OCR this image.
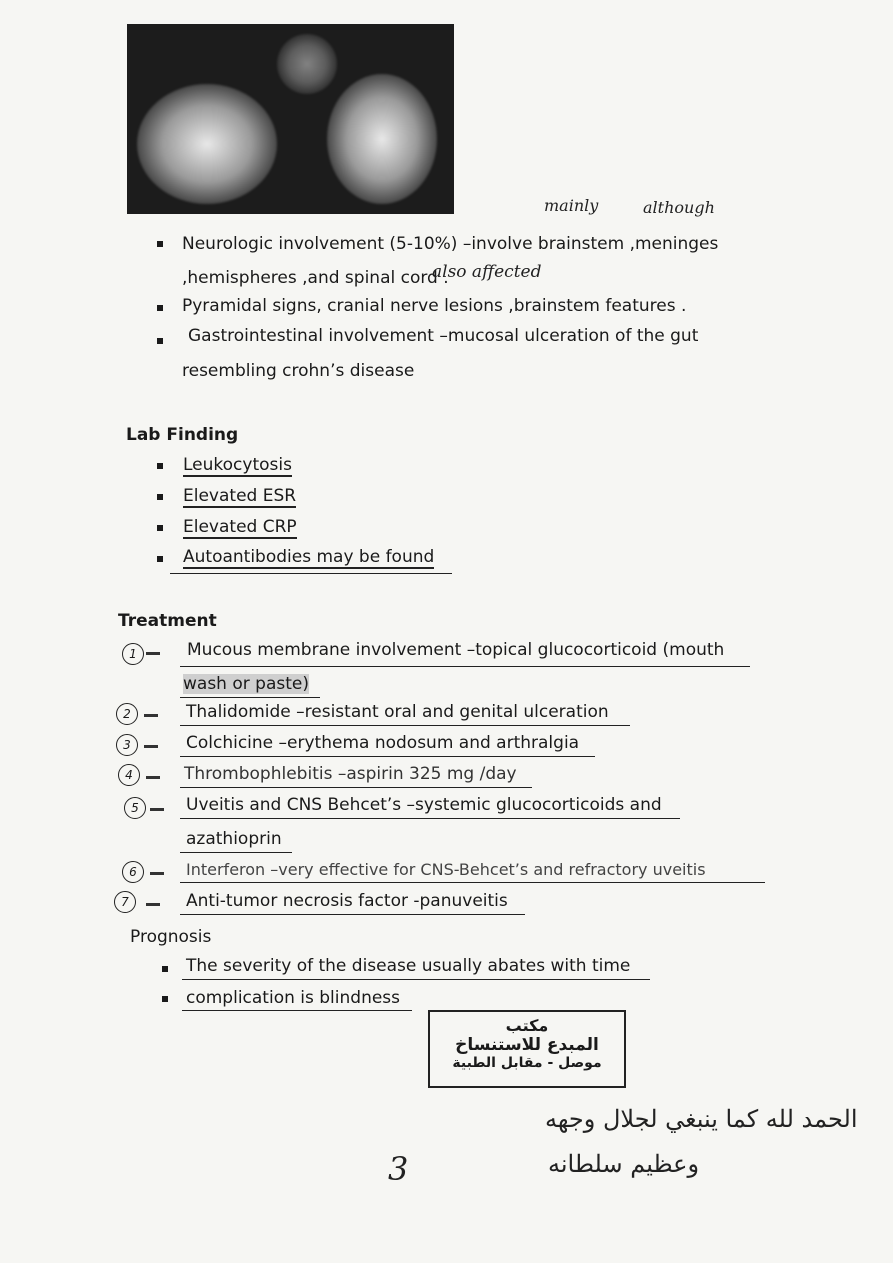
Neurologic involvement (5-10%) –involve brainstem ,meninges
mainly	although
,hemispheres ,and spinal cord .
also affected
Pyramidal signs, cranial nerve lesions ,brainstem features .
Gastrointestinal involvement –mucosal ulceration of the gut
resembling crohn’s disease
Lab Finding
Leukocytosis
Elevated ESR
Elevated CRP
Autoantibodies may be found
Treatment
1	Mucous membrane involvement –topical glucocorticoid (mouth
wash or paste)
2	Thalidomide –resistant oral and genital ulceration
3	Colchicine –erythema nodosum and arthralgia
4	Thrombophlebitis –aspirin 325 mg /day
5	Uveitis and CNS Behcet’s –systemic glucocorticoids and
azathioprin
6	Interferon –very effective for CNS-Behcet’s and refractory uveitis
7	Anti-tumor necrosis factor -panuveitis
Prognosis
The severity of the disease usually abates with time
complication is blindness
مكتب
المبدع للاستنساخ
موصل - مقابل الطبية
الحمد لله كما ينبغي لجلال وجهه
وعظيم سلطانه
3
